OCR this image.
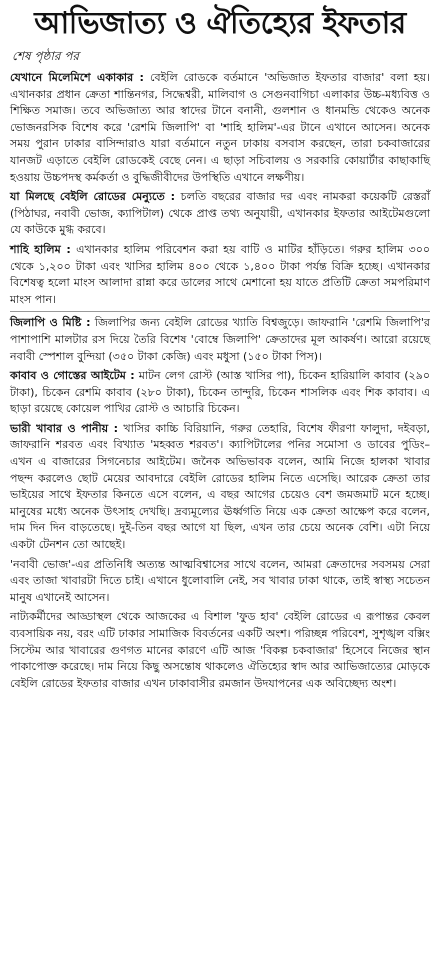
আভিজাত্য ও ঐতিহ্যের ইফতার
শেষ পৃষ্ঠার পর

যেখানে মিলেমিশে একাকার : বেইলি রোডকে বর্তমানে 'অভিজাত ইফতার বাজার' বলা হয়। এখানকার প্রধান ক্রেতা শান্তিনগর, সিদ্ধেশ্বরী, মালিবাগ ও সেগুনবাগিচা এলাকার উচ্চ-মধ্যবিত্ত ও শিক্ষিত সমাজ। তবে অভিজাত্য আর স্বাদের টানে বনানী, গুলশান ও ধানমন্ডি থেকেও অনেক ভোজনরসিক বিশেষ করে 'রেশমি জিলাপি' বা 'শাহি হালিম'-এর টানে এখানে আসেন। অনেক সময় পুরান ঢাকার বাসিন্দারাও যারা বর্তমানে নতুন ঢাকায় বসবাস করছেন, তারা চকবাজারের যানজট এড়াতে বেইলি রোডকেই বেছে নেন। এ ছাড়া সচিবালয় ও সরকারি কোয়ার্টার কাছাকাছি হওয়ায় উচ্চপদস্থ কর্মকর্তা ও বুদ্ধিজীবীদের উপস্থিতি এখানে লক্ষণীয়।

যা মিলছে বেইলি রোডের মেন্যুতে : চলতি বছরের বাজার দর এবং নামকরা কয়েকটি রেস্তরাঁ (পিঠাঘর, নবাবী ভোজ, ক্যাপিটাল) থেকে প্রাপ্ত তথ্য অনুযায়ী, এখানকার ইফতার আইটেমগুলো যে কাউকে মুগ্ধ করবে।

শাহি হালিম : এখানকার হালিম পরিবেশন করা হয় বাটি ও মাটির হাঁড়িতে। গরুর হালিম ৩০০ থেকে ১,২০০ টাকা এবং খাসির হালিম ৪০০ থেকে ১,৪০০ টাকা পর্যন্ত বিক্রি হচ্ছে। এখানকার বিশেষত্ব হলো মাংস আলাদা রান্না করে ডালের সাথে মেশানো হয় যাতে প্রতিটি ক্রেতা সমপরিমাণ মাংস পান।

জিলাপি ও মিষ্টি : জিলাপির জন্য বেইলি রোডের খ্যাতি বিশ্বজুড়ে। জাফরানি 'রেশমি জিলাপি'র পাশাপাশি মালটার রস দিয়ে তৈরি বিশেষ 'বোম্বে জিলাপি' ক্রেতাদের মূল আকর্ষণ। আরো রয়েছে নবাবী স্পেশাল বুন্দিয়া (৩৫০ টাকা কেজি) এবং মধুসা (১৫০ টাকা পিস)।

কাবাব ও গোস্তের আইটেম : মাটন লেগ রোস্ট (আস্ত খাসির পা), চিকেন হারিয়ালি কাবাব (২৯০ টাকা), চিকেন রেশমি কাবাব (২৮০ টাকা), চিকেন তান্দুরি, চিকেন শাসলিক এবং শিক কাবাব। এ ছাড়া রয়েছে কোয়েল পাখির রোস্ট ও আচারি চিকেন।

ভারী খাবার ও পানীয় : খাসির কাচ্চি বিরিয়ানি, গরুর তেহারি, বিশেষ ফীরণা ফালুদা, দইবড়া, জাফরানি শরবত এবং বিখ্যাত 'মহব্বত শরবত'। ক্যাপিটালের পনির সমোসা ও ডাবের পুডিং– এখন এ বাজারের সিগনেচার আইটেম। জনৈক অভিভাবক বলেন, আমি নিজে হালকা খাবার পছন্দ করলেও ছোট মেয়ের আবদারে বেইলি রোডের হালিম নিতে এসেছি। আরেক ক্রেতা তার ভাইয়ের সাথে ইফতার কিনতে এসে বলেন, এ বছর আগের চেয়েও বেশ জমজমাট মনে হচ্ছে। মানুষের মধ্যে অনেক উৎসাহ দেখছি। দ্রব্যমূল্যের ঊর্ধ্বগতি নিয়ে এক ক্রেতা আক্ষেপ করে বলেন, দাম দিন দিন বাড়তেছে। দুই-তিন বছর আগে যা ছিল, এখন তার চেয়ে অনেক বেশি। এটা নিয়ে একটা টেনশন তো আছেই।

'নবাবী ভোজ'-এর প্রতিনিধি অত্যন্ত আত্মবিশ্বাসের সাথে বলেন, আমরা ক্রেতাদের সবসময় সেরা এবং তাজা খাবারটা দিতে চাই। এখানে ধুলোবালি নেই, সব খাবার ঢাকা থাকে, তাই স্বাস্থ্য সচেতন মানুষ এখানেই আসেন।

নাট্যকর্মীদের আড্ডাস্থল থেকে আজকের এ বিশাল 'ফুড হাব' বেইলি রোডের এ রূপান্তর কেবল ব্যবসায়িক নয়, বরং এটি ঢাকার সামাজিক বিবর্তনের একটি অংশ। পরিচ্ছন্ন পরিবেশ, সুশৃঙ্খল বক্সিং সিস্টেম আর খাবারের গুণগত মানের কারণে এটি আজ 'বিকল্প চকবাজার' হিসেবে নিজের স্থান পাকাপোক্ত করেছে। দাম নিয়ে কিছু অসন্তোষ থাকলেও ঐতিহ্যের স্বাদ আর আভিজাত্যের মোড়কে বেইলি রোডের ইফতার বাজার এখন ঢাকাবাসীর রমজান উদযাপনের এক অবিচ্ছেদ্য অংশ।
